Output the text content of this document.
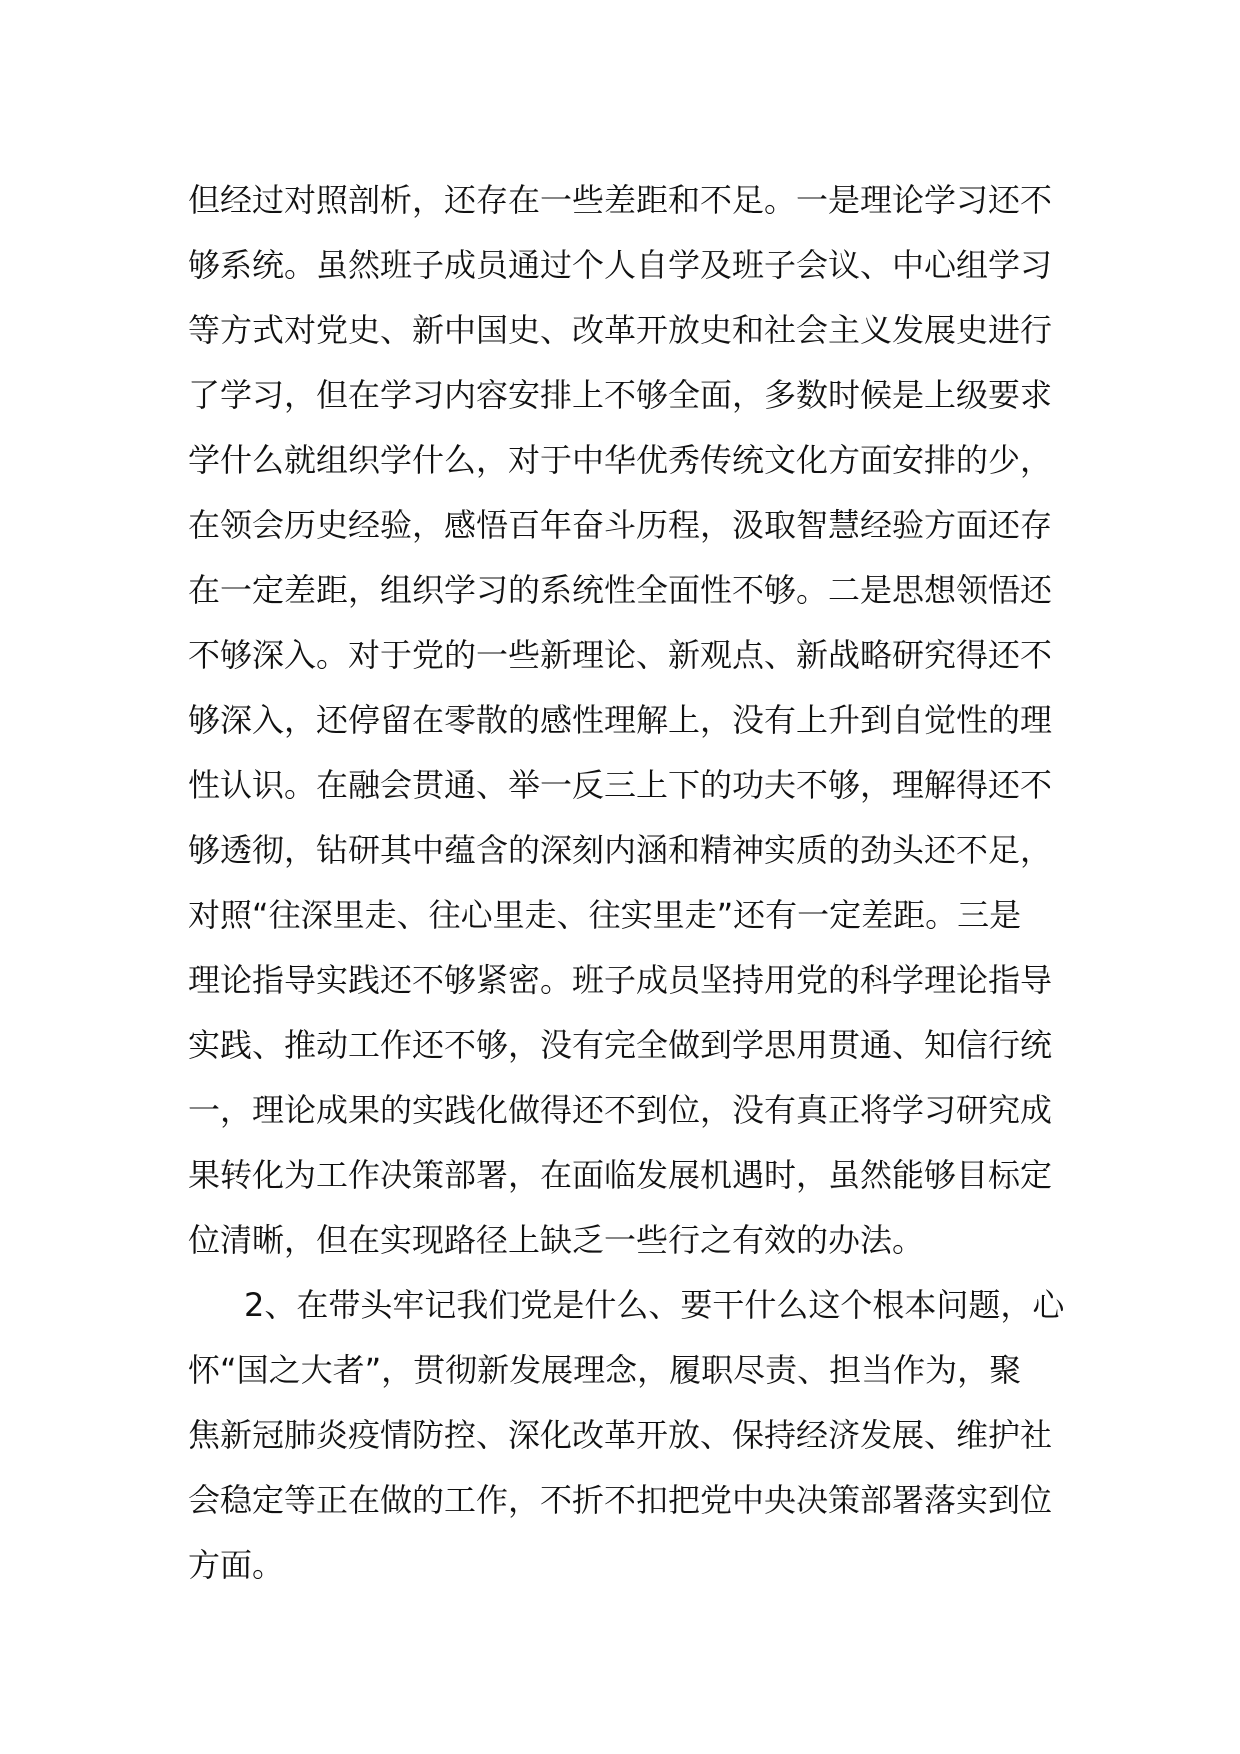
但经过对照剖析，还存在一些差距和不足。一是理论学习还不
够系统。虽然班子成员通过个人自学及班子会议、中心组学习
等方式对党史、新中国史、改革开放史和社会主义发展史进行
了学习，但在学习内容安排上不够全面，多数时候是上级要求
学什么就组织学什么，对于中华优秀传统文化方面安排的少，
在领会历史经验，感悟百年奋斗历程，汲取智慧经验方面还存
在一定差距，组织学习的系统性全面性不够。二是思想领悟还
不够深入。对于党的一些新理论、新观点、新战略研究得还不
够深入，还停留在零散的感性理解上，没有上升到自觉性的理
性认识。在融会贯通、举一反三上下的功夫不够，理解得还不
够透彻，钻研其中蕴含的深刻内涵和精神实质的劲头还不足，
对照“往深里走、往心里走、往实里走”还有一定差距。三是
理论指导实践还不够紧密。班子成员坚持用党的科学理论指导
实践、推动工作还不够，没有完全做到学思用贯通、知信行统
一，理论成果的实践化做得还不到位，没有真正将学习研究成
果转化为工作决策部署，在面临发展机遇时，虽然能够目标定
位清晰，但在实现路径上缺乏一些行之有效的办法。
2、在带头牢记我们党是什么、要干什么这个根本问题，心
怀“国之大者”，贯彻新发展理念，履职尽责、担当作为，聚
焦新冠肺炎疫情防控、深化改革开放、保持经济发展、维护社
会稳定等正在做的工作，不折不扣把党中央决策部署落实到位
方面。
